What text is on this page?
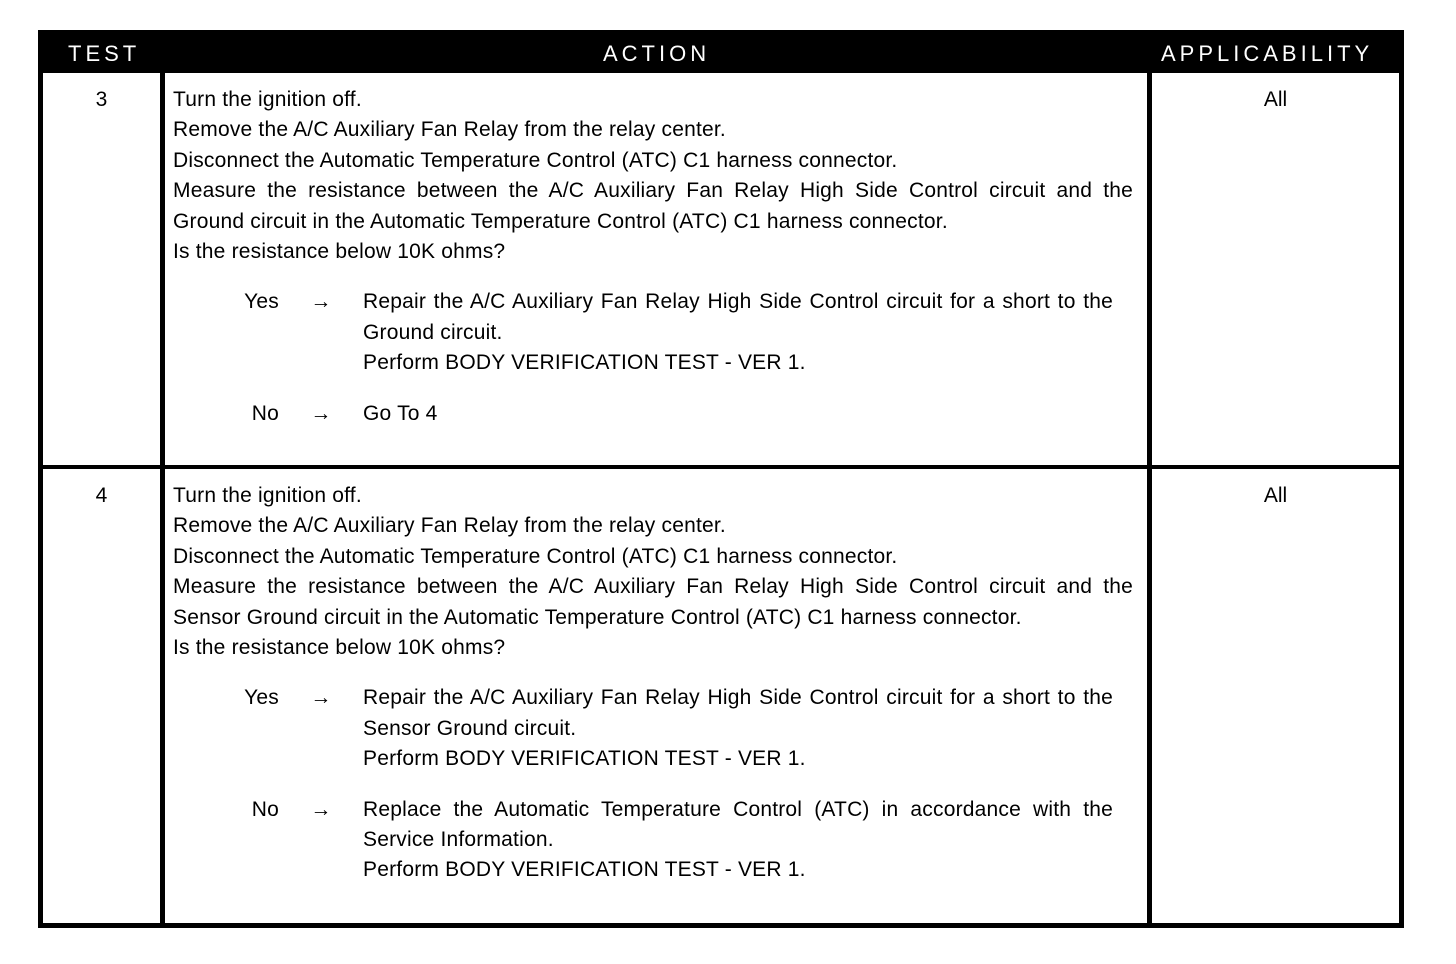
TEST	ACTION	APPLICABILITY
3	Turn the ignition off.

Remove the A/C Auxiliary Fan Relay from the relay center.

Disconnect the Automatic Temperature Control (ATC) C1 harness connector.

Measure the resistance between the A/C Auxiliary Fan Relay High Side Control circuit and the Ground circuit in the Automatic Temperature Control (ATC) C1 harness connector.

Is the resistance below 10K ohms?

Yes	→	Repair the A/C Auxiliary Fan Relay High Side Control circuit for a short to the Ground circuit.

Perform BODY VERIFICATION TEST - VER 1.

No	→	Go To 4

All
4	Turn the ignition off.

Remove the A/C Auxiliary Fan Relay from the relay center.

Disconnect the Automatic Temperature Control (ATC) C1 harness connector.

Measure the resistance between the A/C Auxiliary Fan Relay High Side Control circuit and the Sensor Ground circuit in the Automatic Temperature Control (ATC) C1 harness connector.

Is the resistance below 10K ohms?

Yes	→	Repair the A/C Auxiliary Fan Relay High Side Control circuit for a short to the Sensor Ground circuit.

Perform BODY VERIFICATION TEST - VER 1.

No	→	Replace the Automatic Temperature Control (ATC) in accordance with the Service Information.

Perform BODY VERIFICATION TEST - VER 1.

All
